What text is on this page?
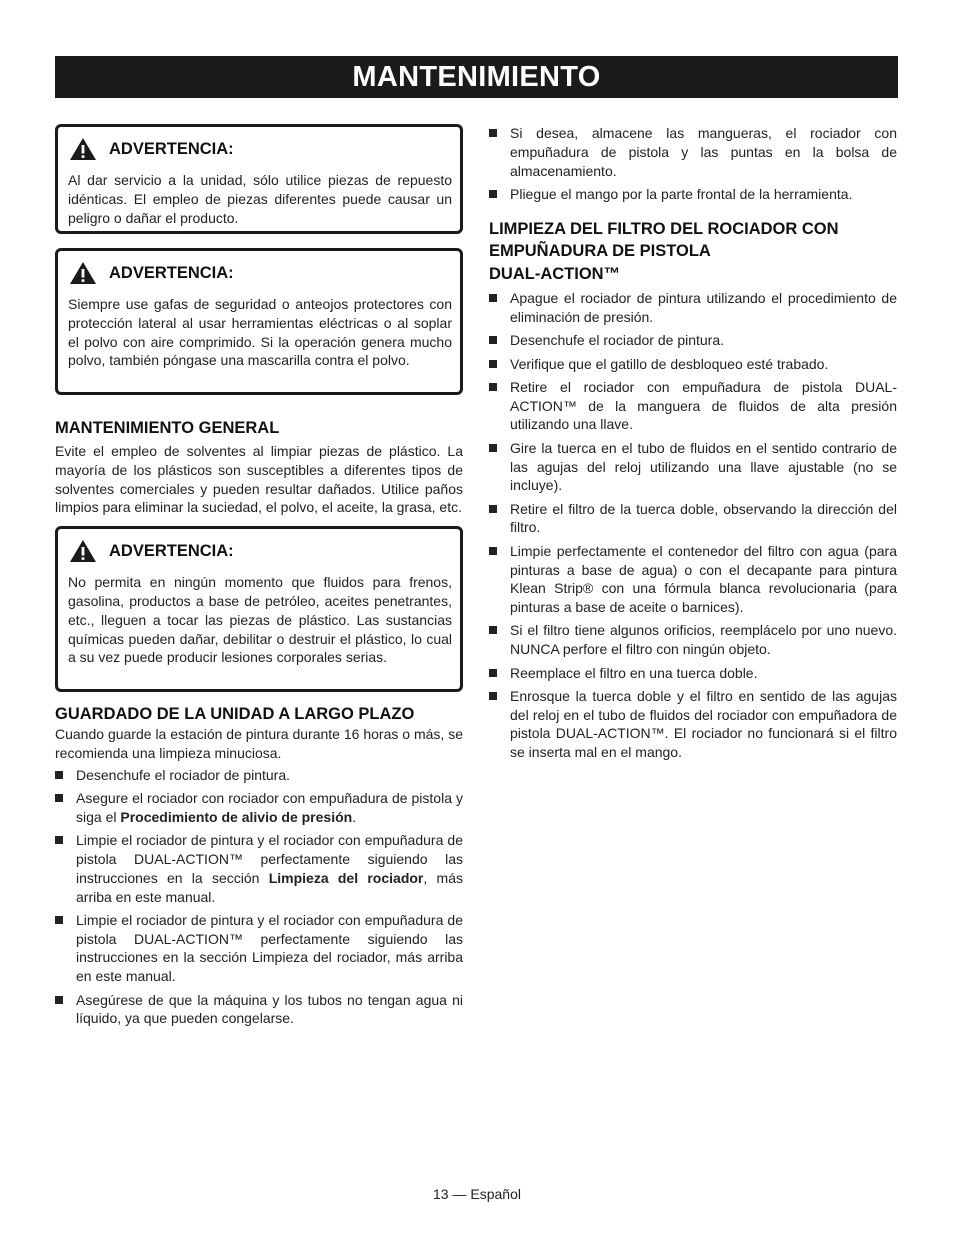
MANTENIMIENTO
ADVERTENCIA:

Al dar servicio a la unidad, sólo utilice piezas de repuesto idénticas. El empleo de piezas diferentes puede causar un peligro o dañar el producto.

ADVERTENCIA:

Siempre use gafas de seguridad o anteojos protectores con protección lateral al usar herramientas eléctricas o al soplar el polvo con aire comprimido. Si la operación genera mucho polvo, también póngase una mascarilla contra el polvo.

MANTENIMIENTO GENERAL

Evite el empleo de solventes al limpiar piezas de plástico. La mayoría de los plásticos son susceptibles a diferentes tipos de solventes comerciales y pueden resultar dañados. Utilice paños limpios para eliminar la suciedad, el polvo, el aceite, la grasa, etc.

ADVERTENCIA:

No permita en ningún momento que fluidos para frenos, gasolina, productos a base de petróleo, aceites penetrantes, etc., lleguen a tocar las piezas de plástico. Las sustancias químicas pueden dañar, debilitar o destruir el plástico, lo cual a su vez puede producir lesiones corporales serias.

GUARDADO DE LA UNIDAD A LARGO PLAZO

Cuando guarde la estación de pintura durante 16 horas o más, se recomienda una limpieza minuciosa.

Desenchufe el rociador de pintura.
Asegure el rociador con rociador con empuñadura de pistola y siga el Procedimiento de alivio de presión.
Limpie el rociador de pintura y el rociador con empuñadura de pistola DUAL-ACTION™ perfectamente siguiendo las instrucciones en la sección Limpieza del rociador, más arriba en este manual.
Limpie el rociador de pintura y el rociador con empuñadura de pistola DUAL-ACTION™ perfectamente siguiendo las instrucciones en la sección Limpieza del rociador, más arriba en este manual.
Asegúrese de que la máquina y los tubos no tengan agua ni líquido, ya que pueden congelarse.
Si desea, almacene las mangueras, el rociador con empuñadura de pistola y las puntas en la bolsa de almacenamiento.
Pliegue el mango por la parte frontal de la herramienta.
LIMPIEZA DEL FILTRO DEL ROCIADOR CON
EMPUÑADURA DE PISTOLA
DUAL-ACTION™
Apague el rociador de pintura utilizando el procedimiento de eliminación de presión.
Desenchufe el rociador de pintura.
Verifique que el gatillo de desbloqueo esté trabado.
Retire el rociador con empuñadura de pistola DUAL-ACTION™ de la manguera de fluidos de alta presión utilizando una llave.
Gire la tuerca en el tubo de fluidos en el sentido contrario de las agujas del reloj utilizando una llave ajustable (no se incluye).
Retire el filtro de la tuerca doble, observando la dirección del filtro.
Limpie perfectamente el contenedor del filtro con agua (para pinturas a base de agua) o con el decapante para pintura Klean Strip® con una fórmula blanca revolucionaria (para pinturas a base de aceite o barnices).
Si el filtro tiene algunos orificios, reemplácelo por uno nuevo. NUNCA perfore el filtro con ningún objeto.
Reemplace el filtro en una tuerca doble.
Enrosque la tuerca doble y el filtro en sentido de las agujas del reloj en el tubo de fluidos del rociador con empuñadora de pistola DUAL-ACTION™. El rociador no funcionará si el filtro se inserta mal en el mango.
13 — Español
